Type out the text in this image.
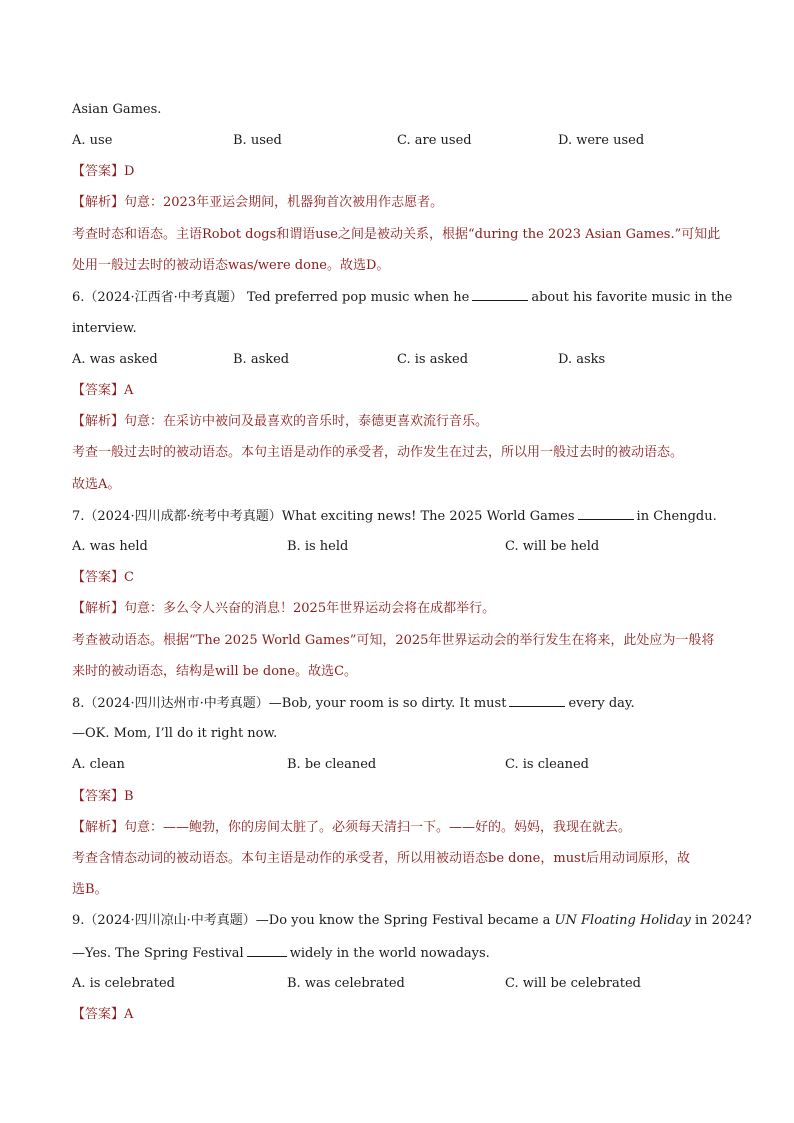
Asian Games.
A. use	B. used	C. are used	D. were used
【答案】D
【解析】句意：2023年亚运会期间，机器狗首次被用作志愿者。
考查时态和语态。主语Robot dogs和谓语use之间是被动关系，根据“during the 2023 Asian Games.”可知此
处用一般过去时的被动语态was/were done。故选D。
6.（2024·江西省·中考真题） Ted preferred pop music when he	about his favorite music in the
interview.
A. was asked	B. asked	C. is asked	D. asks
【答案】A
【解析】句意：在采访中被问及最喜欢的音乐时，泰德更喜欢流行音乐。
考查一般过去时的被动语态。本句主语是动作的承受者，动作发生在过去，所以用一般过去时的被动语态。
故选A。
7.（2024·四川成都·统考中考真题）What exciting news! The 2025 World Games	in Chengdu.
A. was held	B. is held	C. will be held
【答案】C
【解析】句意：多么令人兴奋的消息！2025年世界运动会将在成都举行。
考查被动语态。根据“The 2025 World Games”可知，2025年世界运动会的举行发生在将来，此处应为一般将
来时的被动语态，结构是will be done。故选C。
8.（2024·四川达州市·中考真题）—Bob, your room is so dirty. It must	every day.
—OK. Mom, I’ll do it right now.
A. clean	B. be cleaned	C. is cleaned
【答案】B
【解析】句意：——鲍勃，你的房间太脏了。必须每天清扫一下。——好的。妈妈，我现在就去。
考查含情态动词的被动语态。本句主语是动作的承受者，所以用被动语态be done，must后用动词原形，故
选B。
9.（2024·四川凉山·中考真题）—Do you know the Spring Festival became a UN Floating Holiday in 2024?
—Yes. The Spring Festival	widely in the world nowadays.
A. is celebrated	B. was celebrated	C. will be celebrated
【答案】A
